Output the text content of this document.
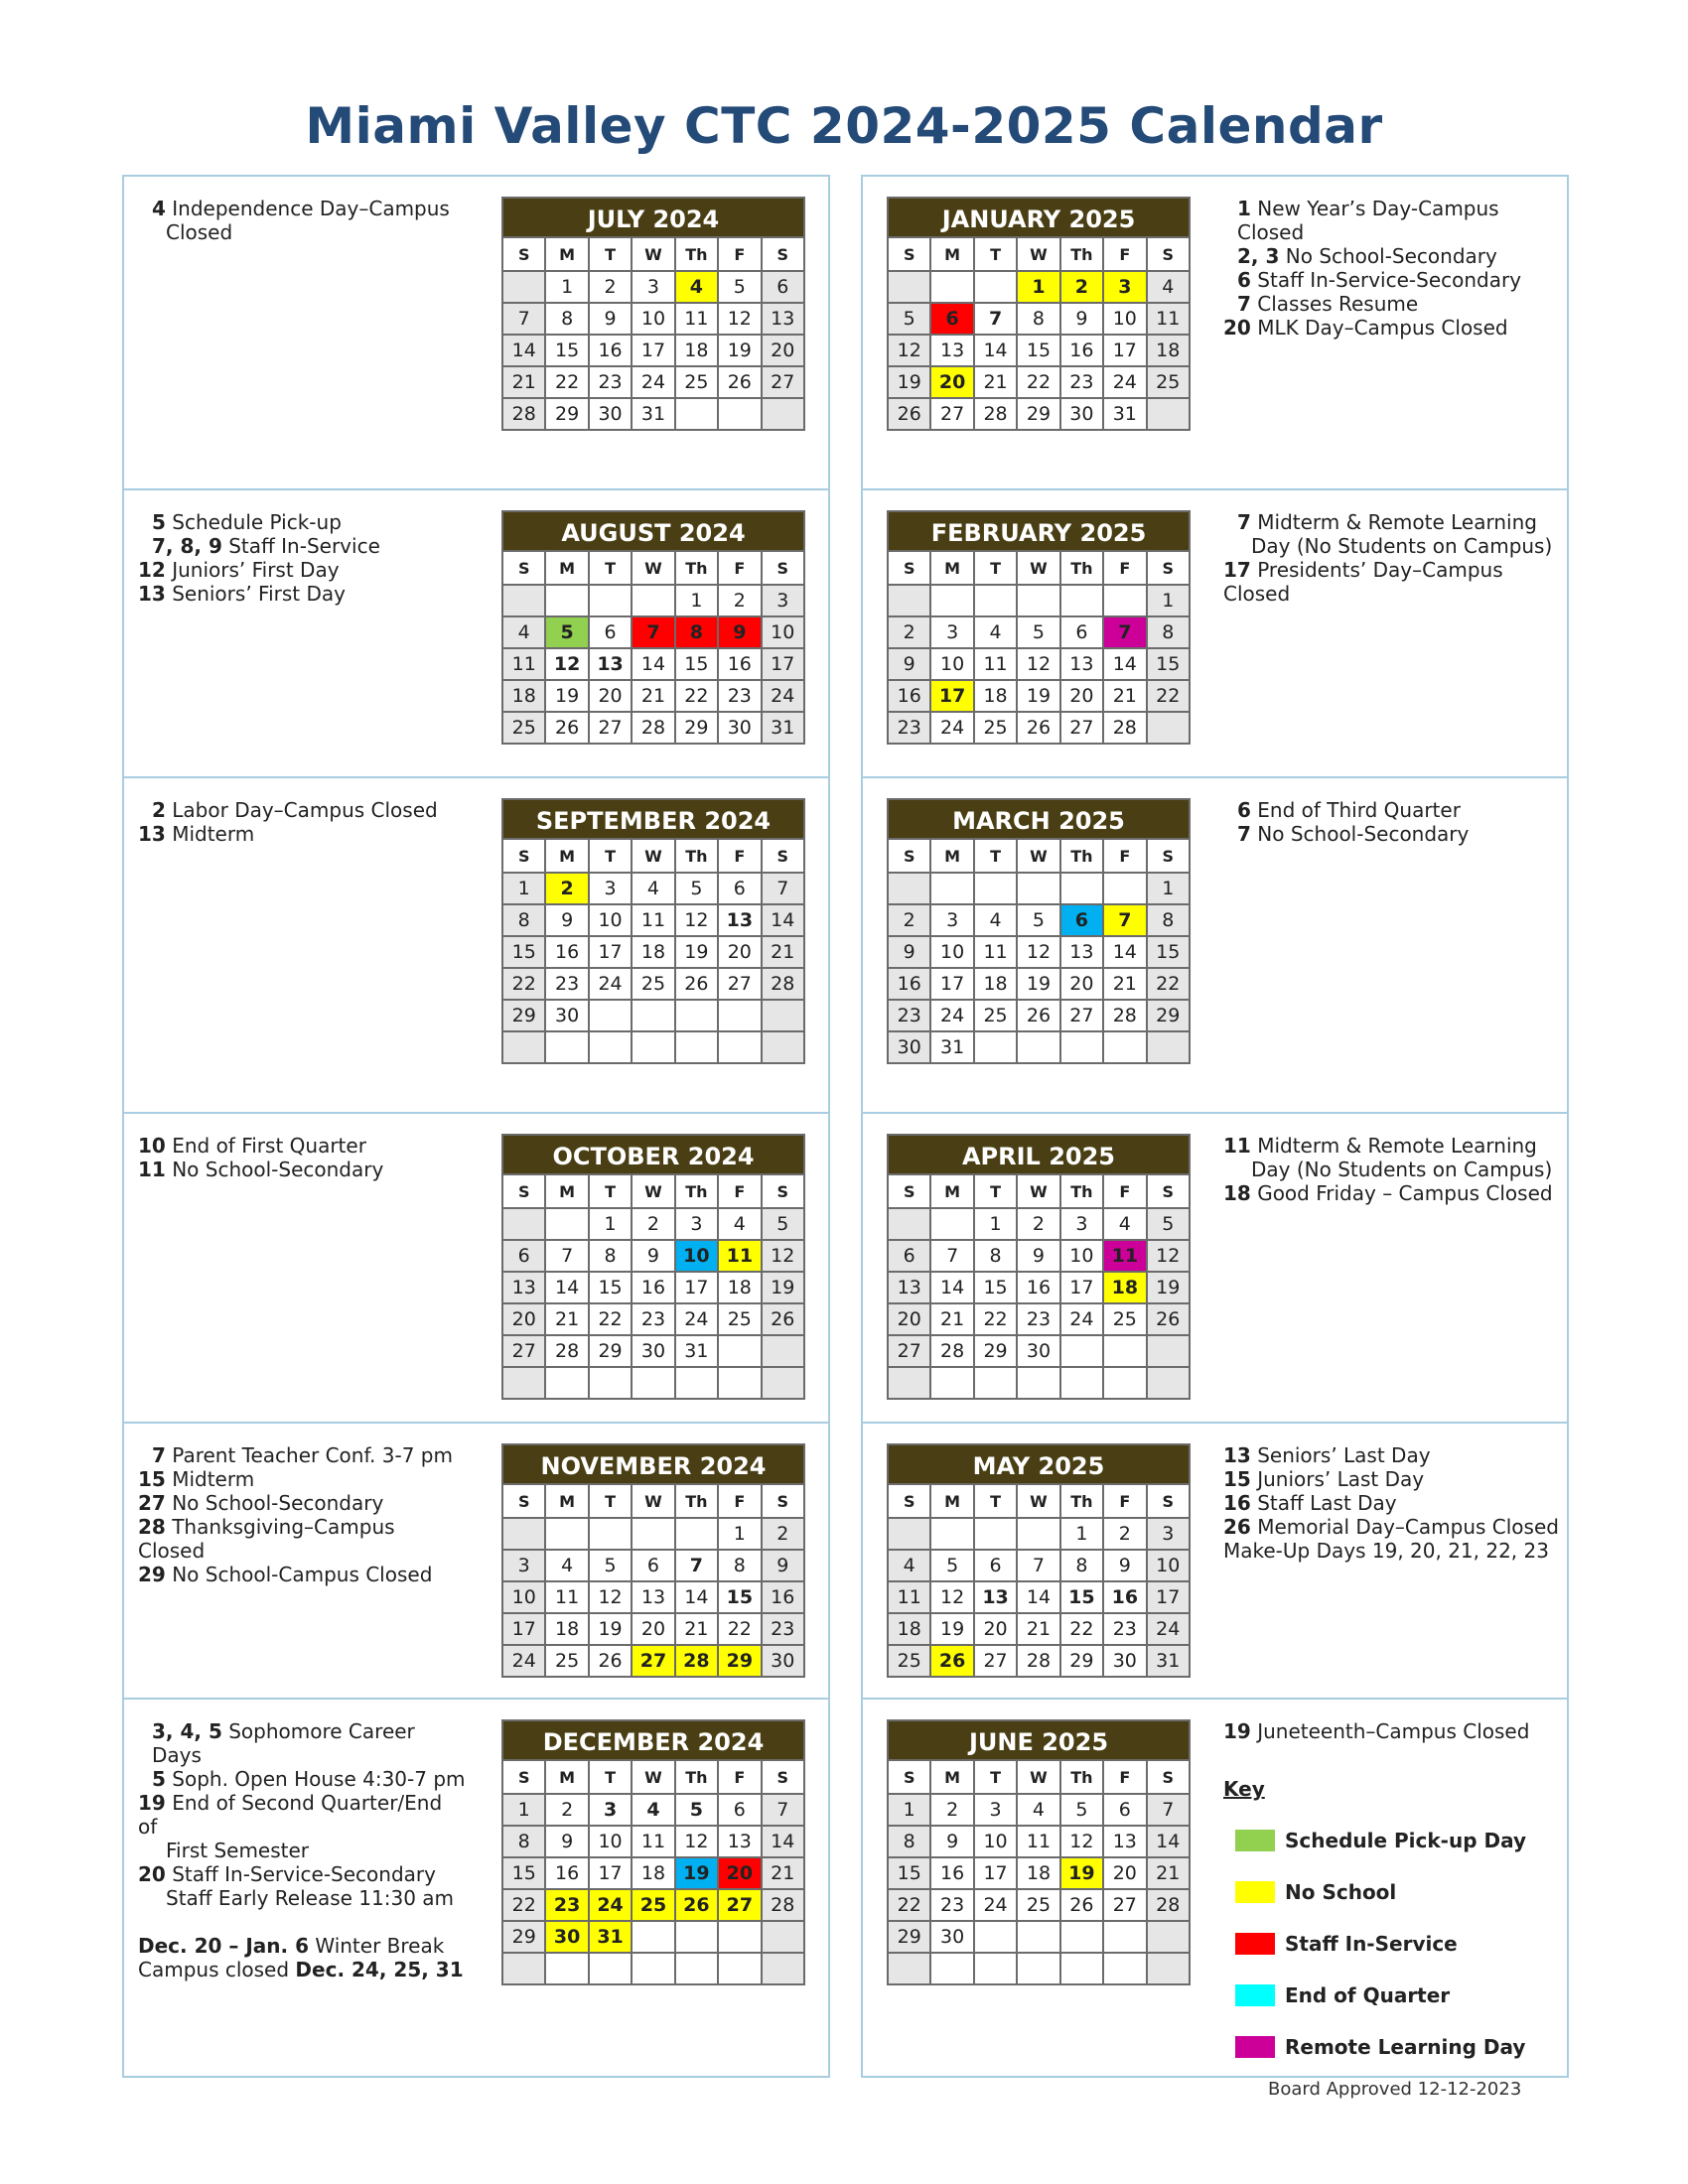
Miami Valley CTC 2024-2025 Calendar
4 Independence Day–Campus
Closed	JULY 2024
S	M	T	W	Th	F	S
	1	2	3	4	5	6
7	8	9	10	11	12	13
14	15	16	17	18	19	20
21	22	23	24	25	26	27
28	29	30	31			
5 Schedule Pick-up
7, 8, 9 Staff In-Service
12 Juniors’ First Day
13 Seniors’ First Day
AUGUST 2024
S	M	T	W	Th	F	S
				1	2	3
4	5	6	7	8	9	10
11	12	13	14	15	16	17
18	19	20	21	22	23	24
25	26	27	28	29	30	31
2 Labor Day–Campus Closed
13 Midterm	SEPTEMBER 2024
S	M	T	W	Th	F	S
1	2	3	4	5	6	7
8	9	10	11	12	13	14
15	16	17	18	19	20	21
22	23	24	25	26	27	28
29	30					

10 End of First Quarter
11 No School-Secondary	OCTOBER 2024
S	M	T	W	Th	F	S
		1	2	3	4	5
6	7	8	9	10	11	12
13	14	15	16	17	18	19
20	21	22	23	24	25	26
27	28	29	30	31		

7 Parent Teacher Conf. 3-7 pm
15 Midterm
27 No School-Secondary
28 Thanksgiving–Campus Closed
29 No School-Campus Closed
NOVEMBER 2024
S	M	T	W	Th	F	S
					1	2
3	4	5	6	7	8	9
10	11	12	13	14	15	16
17	18	19	20	21	22	23
24	25	26	27	28	29	30
3, 4, 5 Sophomore Career Days
5 Soph. Open House 4:30-7 pm
19 End of Second Quarter/End of
First Semester
20 Staff In-Service-Secondary
Staff Early Release 11:30 am
Dec. 20 – Jan. 6 Winter Break
Campus closed Dec. 24, 25, 31
DECEMBER 2024
S	M	T	W	Th	F	S
1	2	3	4	5	6	7
8	9	10	11	12	13	14
15	16	17	18	19	20	21
22	23	24	25	26	27	28
29	30	31				

1 New Year’s Day-Campus Closed
2, 3 No School-Secondary
6 Staff In-Service-Secondary
7 Classes Resume
20 MLK Day–Campus Closed
JANUARY 2025
S	M	T	W	Th	F	S
			1	2	3	4
5	6	7	8	9	10	11
12	13	14	15	16	17	18
19	20	21	22	23	24	25
26	27	28	29	30	31	
7 Midterm & Remote Learning
Day (No Students on Campus)
17 Presidents’ Day–Campus Closed
FEBRUARY 2025
S	M	T	W	Th	F	S
						1
2	3	4	5	6	7	8
9	10	11	12	13	14	15
16	17	18	19	20	21	22
23	24	25	26	27	28	
6 End of Third Quarter
7 No School-Secondary
MARCH 2025
S	M	T	W	Th	F	S
						1
2	3	4	5	6	7	8
9	10	11	12	13	14	15
16	17	18	19	20	21	22
23	24	25	26	27	28	29
30	31					
11 Midterm & Remote Learning
Day (No Students on Campus)
18 Good Friday – Campus Closed
APRIL 2025
S	M	T	W	Th	F	S
		1	2	3	4	5
6	7	8	9	10	11	12
13	14	15	16	17	18	19
20	21	22	23	24	25	26
27	28	29	30			

13 Seniors’ Last Day
15 Juniors’ Last Day
16 Staff Last Day
26 Memorial Day–Campus Closed
Make-Up Days 19, 20, 21, 22, 23
MAY 2025
S	M	T	W	Th	F	S
				1	2	3
4	5	6	7	8	9	10
11	12	13	14	15	16	17
18	19	20	21	22	23	24
25	26	27	28	29	30	31
19 Juneteenth–Campus Closed
JUNE 2025
S	M	T	W	Th	F	S
1	2	3	4	5	6	7
8	9	10	11	12	13	14
15	16	17	18	19	20	21
22	23	24	25	26	27	28
29	30					

Key
Schedule Pick-up Day
No School
Staff In-Service
End of Quarter
Remote Learning Day
Board Approved 12-12-2023
